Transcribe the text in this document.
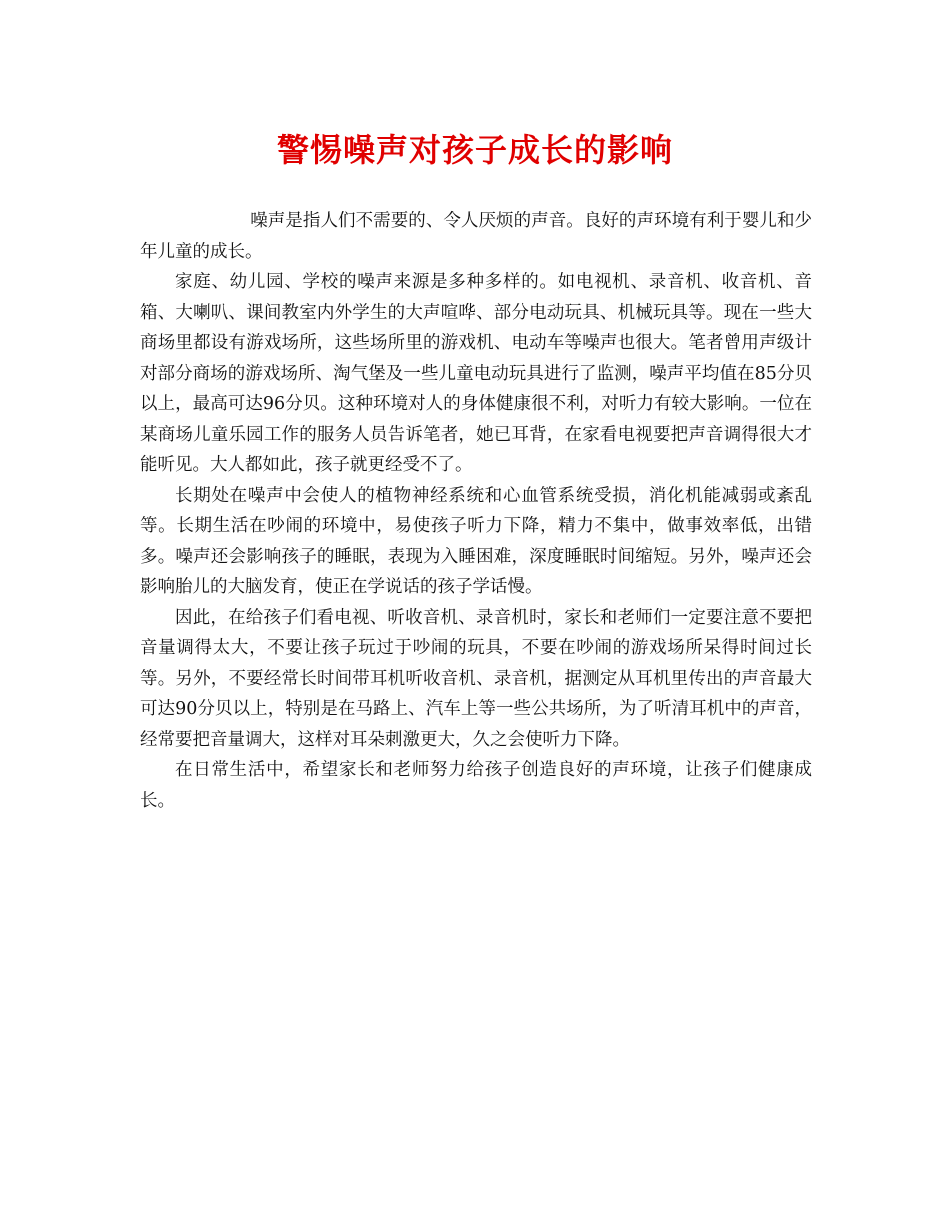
警惕噪声对孩子成长的影响

噪声是指人们不需要的、令人厌烦的声音。良好的声环境有利于婴儿和少年儿童的成长。

家庭、幼儿园、学校的噪声来源是多种多样的。如电视机、录音机、收音机、音箱、大喇叭、课间教室内外学生的大声喧哗、部分电动玩具、机械玩具等。现在一些大商场里都设有游戏场所，这些场所里的游戏机、电动车等噪声也很大。笔者曾用声级计对部分商场的游戏场所、淘气堡及一些儿童电动玩具进行了监测，噪声平均值在85分贝以上，最高可达96分贝。这种环境对人的身体健康很不利，对听力有较大影响。一位在某商场儿童乐园工作的服务人员告诉笔者，她已耳背，在家看电视要把声音调得很大才能听见。大人都如此，孩子就更经受不了。

长期处在噪声中会使人的植物神经系统和心血管系统受损，消化机能减弱或紊乱等。长期生活在吵闹的环境中，易使孩子听力下降，精力不集中，做事效率低，出错多。噪声还会影响孩子的睡眠，表现为入睡困难，深度睡眠时间缩短。另外，噪声还会影响胎儿的大脑发育，使正在学说话的孩子学话慢。

因此，在给孩子们看电视、听收音机、录音机时，家长和老师们一定要注意不要把音量调得太大，不要让孩子玩过于吵闹的玩具，不要在吵闹的游戏场所呆得时间过长等。另外，不要经常长时间带耳机听收音机、录音机，据测定从耳机里传出的声音最大可达90分贝以上，特别是在马路上、汽车上等一些公共场所，为了听清耳机中的声音，经常要把音量调大，这样对耳朵刺激更大，久之会使听力下降。

在日常生活中，希望家长和老师努力给孩子创造良好的声环境，让孩子们健康成长。
